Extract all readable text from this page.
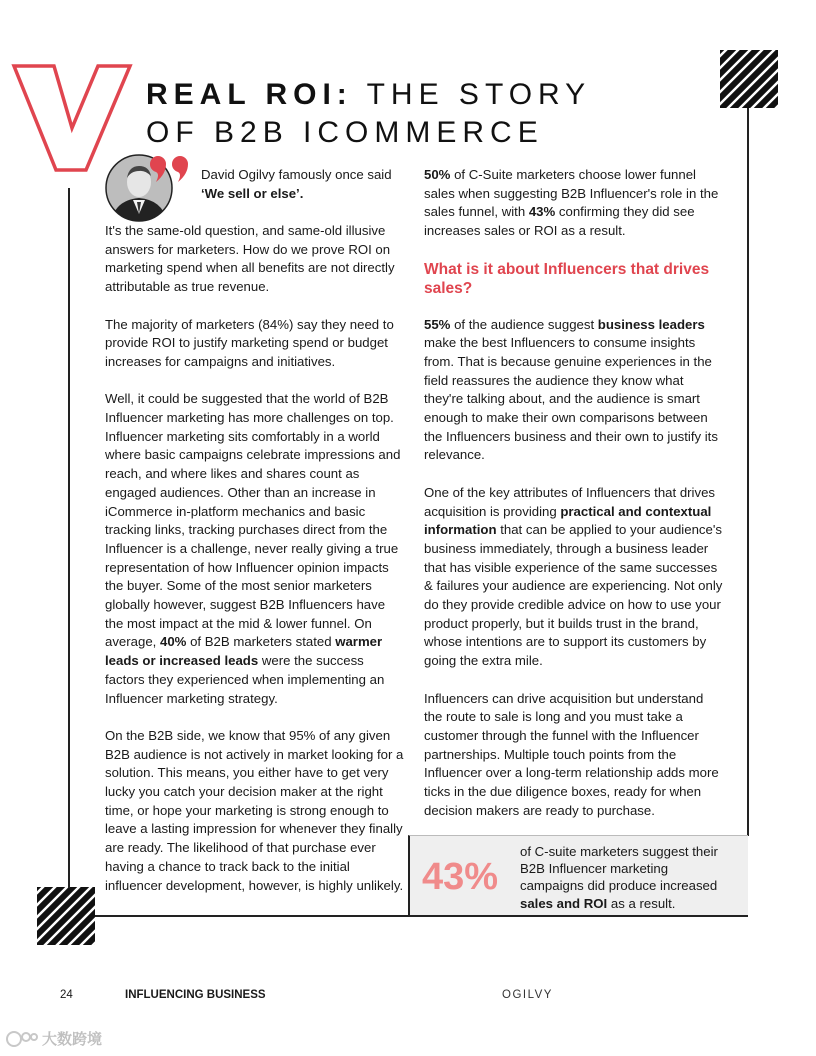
REAL ROI: THE STORY
OF B2B ICOMMERCE
David Ogilvy famously once said
‘We sell or else’.

It's the same-old question, and same-old illusive answers for marketers. How do we prove ROI on marketing spend when all benefits are not directly attributable as true revenue.

The majority of marketers (84%) say they need to provide ROI to justify marketing spend or budget increases for campaigns and initiatives.

Well, it could be suggested that the world of B2B Influencer marketing has more challenges on top. Influencer marketing sits comfortably in a world where basic campaigns celebrate impressions and reach, and where likes and shares count as engaged audiences. Other than an increase in iCommerce in-platform mechanics and basic tracking links, tracking purchases direct from the Influencer is a challenge, never really giving a true representation of how Influencer opinion impacts the buyer. Some of the most senior marketers globally however, suggest B2B Influencers have the most impact at the mid & lower funnel. On average, 40% of B2B marketers stated warmer leads or increased leads were the success factors they experienced when implementing an Influencer marketing strategy.

On the B2B side, we know that 95% of any given B2B audience is not actively in market looking for a solution. This means, you either have to get very lucky you catch your decision maker at the right time, or hope your marketing is strong enough to leave a lasting impression for whenever they finally are ready. The likelihood of that purchase ever having a chance to track back to the initial influencer development, however, is highly unlikely.

50% of C-Suite marketers choose lower funnel sales when suggesting B2B Influencer's role in the sales funnel, with 43% confirming they did see increases sales or ROI as a result.

What is it about Influencers that drives sales?

55% of the audience suggest business leaders make the best Influencers to consume insights from. That is because genuine experiences in the field reassures the audience they know what they're talking about, and the audience is smart enough to make their own comparisons between the Influencers business and their own to justify its relevance.

One of the key attributes of Influencers that drives acquisition is providing practical and contextual information that can be applied to your audience's business immediately, through a business leader that has visible experience of the same successes & failures your audience are experiencing. Not only do they provide credible advice on how to use your product properly, but it builds trust in the brand, whose intentions are to support its customers by going the extra mile.

Influencers can drive acquisition but understand the route to sale is long and you must take a customer through the funnel with the Influencer partnerships. Multiple touch points from the Influencer over a long-term relationship adds more ticks in the due diligence boxes, ready for when decision makers are ready to purchase.

43%
of C-suite marketers suggest their B2B Influencer marketing campaigns did produce increased sales and ROI as a result.
24	INFLUENCING BUSINESS	OGILVY
大数跨境
